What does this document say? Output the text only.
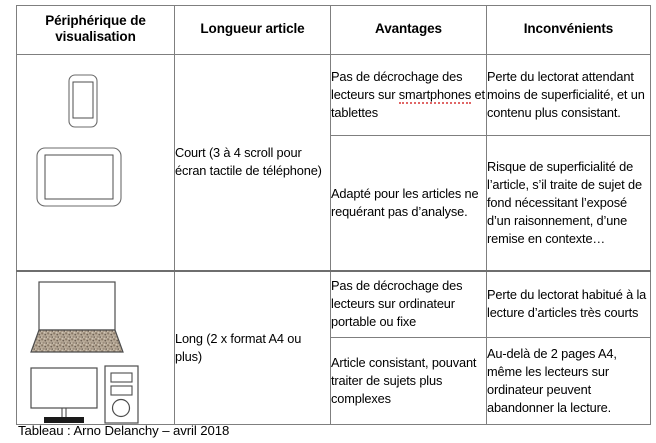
Périphérique de visualisation	Longueur article	Avantages	Inconvénients

	Court (3 à 4 scroll pour écran tactile de téléphone)	Pas de décrochage des lecteurs sur smartphones et tablettes	Perte du lectorat attendant moins de superficialité, et un contenu plus consistant.
		Adapté pour les articles ne requérant pas d’analyse.	Risque de superficialité de l’article, s’il traite de sujet de fond nécessitant l’exposé d’un raisonnement, d’une remise en contexte…

	Long (2 x format A4 ou plus)	Pas de décrochage des lecteurs sur ordinateur portable ou fixe	Perte du lectorat habitué à la lecture d’articles très courts
		Article consistant, pouvant traiter de sujets plus complexes	Au-delà de 2 pages A4, même les lecteurs sur ordinateur peuvent abandonner la lecture.
Tableau : Arno Delanchy – avril 2018
